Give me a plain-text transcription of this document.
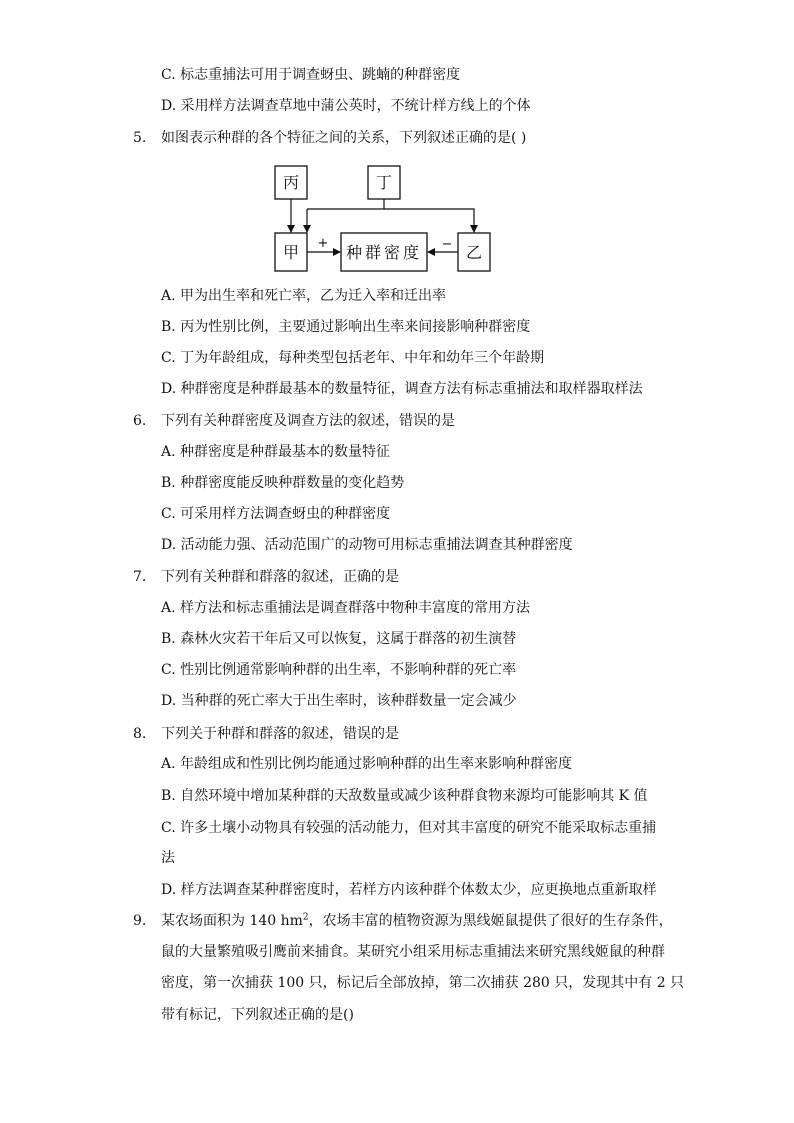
C. 标志重捕法可用于调查蚜虫、跳蝻的种群密度
D. 采用样方法调查草地中蒲公英时，不统计样方线上的个体
5. 如图表示种群的各个特征之间的关系，下列叙述正确的是( )
丙	丁
甲	种群密度	乙
+	−
A. 甲为出生率和死亡率，乙为迁入率和迁出率
B. 丙为性别比例，主要通过影响出生率来间接影响种群密度
C. 丁为年龄组成，每种类型包括老年、中年和幼年三个年龄期
D. 种群密度是种群最基本的数量特征，调查方法有标志重捕法和取样器取样法
6. 下列有关种群密度及调查方法的叙述，错误的是
A. 种群密度是种群最基本的数量特征
B. 种群密度能反映种群数量的变化趋势
C. 可采用样方法调查蚜虫的种群密度
D. 活动能力强、活动范围广的动物可用标志重捕法调查其种群密度
7. 下列有关种群和群落的叙述，正确的是
A. 样方法和标志重捕法是调查群落中物种丰富度的常用方法
B. 森林火灾若干年后又可以恢复，这属于群落的初生演替
C. 性别比例通常影响种群的出生率，不影响种群的死亡率
D. 当种群的死亡率大于出生率时，该种群数量一定会减少
8. 下列关于种群和群落的叙述，错误的是
A. 年龄组成和性别比例均能通过影响种群的出生率来影响种群密度
B. 自然环境中增加某种群的天敌数量或减少该种群食物来源均可能影响其 K 值
C. 许多土壤小动物具有较强的活动能力，但对其丰富度的研究不能采取标志重捕
法
D. 样方法调查某种群密度时，若样方内该种群个体数太少，应更换地点重新取样
9. 某农场面积为 140 $hm^2$，农场丰富的植物资源为黑线姬鼠提供了很好的生存条件，
鼠的大量繁殖吸引鹰前来捕食。某研究小组采用标志重捕法来研究黑线姬鼠的种群
密度，第一次捕获 100 只，标记后全部放掉，第二次捕获 280 只，发现其中有 2 只
带有标记，下列叙述正确的是()
